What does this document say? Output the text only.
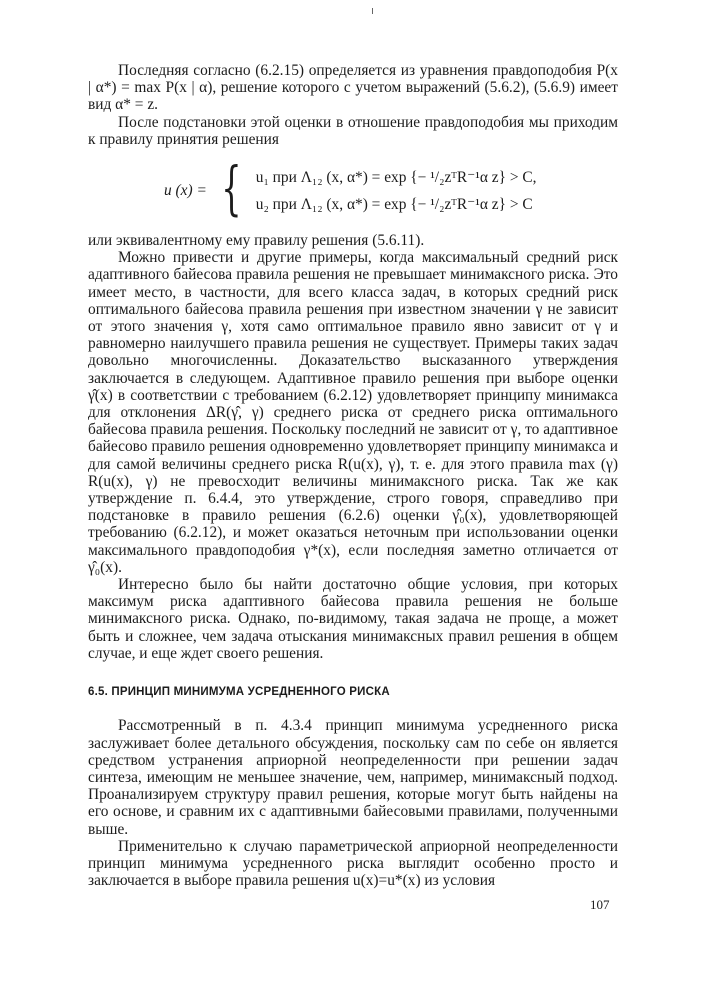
Последняя согласно (6.2.15) определяется из уравнения правдоподобия P(x | α*) = max P(x | α), решение которого с учетом выражений (5.6.2), (5.6.9) имеет вид α* = z.

После подстановки этой оценки в отношение правдоподобия мы приходим к правилу принятия решения

u (x) = { u₁ при Λ₁₂ (x, α*) = exp {− ¹/₂zᵀR⁻¹α z} > C,
u₂ при Λ₁₂ (x, α*) = exp {− ¹/₂zᵀR⁻¹α z} > C

или эквивалентному ему правилу решения (5.6.11).

Можно привести и другие примеры, когда максимальный средний риск адаптивного байесова правила решения не превышает минимаксного риска. Это имеет место, в частности, для всего класса задач, в которых средний риск оптимального байесова правила решения при известном значении γ не зависит от этого значения γ, хотя само оптимальное правило явно зависит от γ и равномерно наилучшего правила решения не существует. Примеры таких задач довольно многочисленны. Доказательство высказанного утверждения заключается в следующем. Адаптивное правило решения при выборе оценки γ̂(x) в соответствии с требованием (6.2.12) удовлетворяет принципу минимакса для отклонения ΔR(γ̂, γ) среднего риска от среднего риска оптимального байесова правила решения. Поскольку последний не зависит от γ, то адаптивное байесово правило решения одновременно удовлетворяет принципу минимакса и для самой величины среднего риска R(u(x), γ), т. е. для этого правила max (γ) R(u(x), γ) не превосходит величины минимаксного риска. Так же как утверждение п. 6.4.4, это утверждение, строго говоря, справедливо при подстановке в правило решения (6.2.6) оценки γ̂₀(x), удовлетворяющей требованию (6.2.12), и может оказаться неточным при использовании оценки максимального правдоподобия γ*(x), если последняя заметно отличается от γ̂₀(x).

Интересно было бы найти достаточно общие условия, при которых максимум риска адаптивного байесова правила решения не больше минимаксного риска. Однако, по-видимому, такая задача не проще, а может быть и сложнее, чем задача отыскания минимаксных правил решения в общем случае, и еще ждет своего решения.

6.5. ПРИНЦИП МИНИМУМА УСРЕДНЕННОГО РИСКА

Рассмотренный в п. 4.3.4 принцип минимума усредненного риска заслуживает более детального обсуждения, поскольку сам по себе он является средством устранения априорной неопределенности при решении задач синтеза, имеющим не меньшее значение, чем, например, минимаксный подход. Проанализируем структуру правил решения, которые могут быть найдены на его основе, и сравним их с адаптивными байесовыми правилами, полученными выше.

Применительно к случаю параметрической априорной неопределенности принцип минимума усредненного риска выглядит особенно просто и заключается в выборе правила решения u(x)=u*(x) из условия

107
